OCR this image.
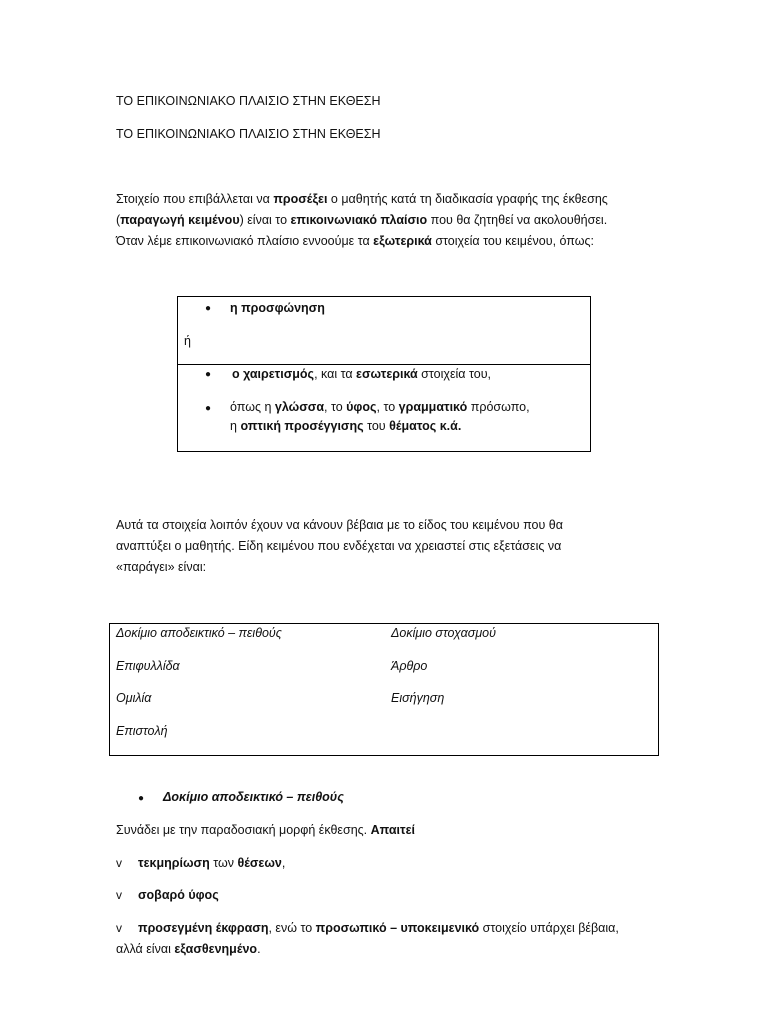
ΤΟ ΕΠΙΚΟΙΝΩΝΙΑΚΟ ΠΛΑΙΣΙΟ ΣΤΗΝ ΕΚΘΕΣΗ
ΤΟ ΕΠΙΚΟΙΝΩΝΙΑΚΟ ΠΛΑΙΣΙΟ ΣΤΗΝ ΕΚΘΕΣΗ
Στοιχείο που επιβάλλεται να προσέξει ο μαθητής κατά τη διαδικασία γραφής της έκθεσης
(παραγωγή κειμένου) είναι το επικοινωνιακό πλαίσιο που θα ζητηθεί να ακολουθήσει.
Όταν λέμε επικοινωνιακό πλαίσιο εννοούμε τα εξωτερικά στοιχεία του κειμένου, όπως:
● η προσφώνηση
ή
● ο χαιρετισμός, και τα εσωτερικά στοιχεία του,
● όπως η γλώσσα, το ύφος, το γραμματικό πρόσωπο,
η οπτική προσέγγισης του θέματος κ.ά.
Αυτά τα στοιχεία λοιπόν έχουν να κάνουν βέβαια με το είδος του κειμένου που θα
αναπτύξει ο μαθητής. Είδη κειμένου που ενδέχεται να χρειαστεί στις εξετάσεις να
«παράγει» είναι:
Δοκίμιο αποδεικτικό – πειθούς
Επιφυλλίδα
Ομιλία
Επιστολή
Δοκίμιο στοχασμού
Άρθρο
Εισήγηση
● Δοκίμιο αποδεικτικό – πειθούς
Συνάδει με την παραδοσιακή μορφή έκθεσης. Απαιτεί
v τεκμηρίωση των θέσεων,
v σοβαρό ύφος
v προσεγμένη έκφραση, ενώ το προσωπικό – υποκειμενικό στοιχείο υπάρχει βέβαια,
αλλά είναι εξασθενημένο.
